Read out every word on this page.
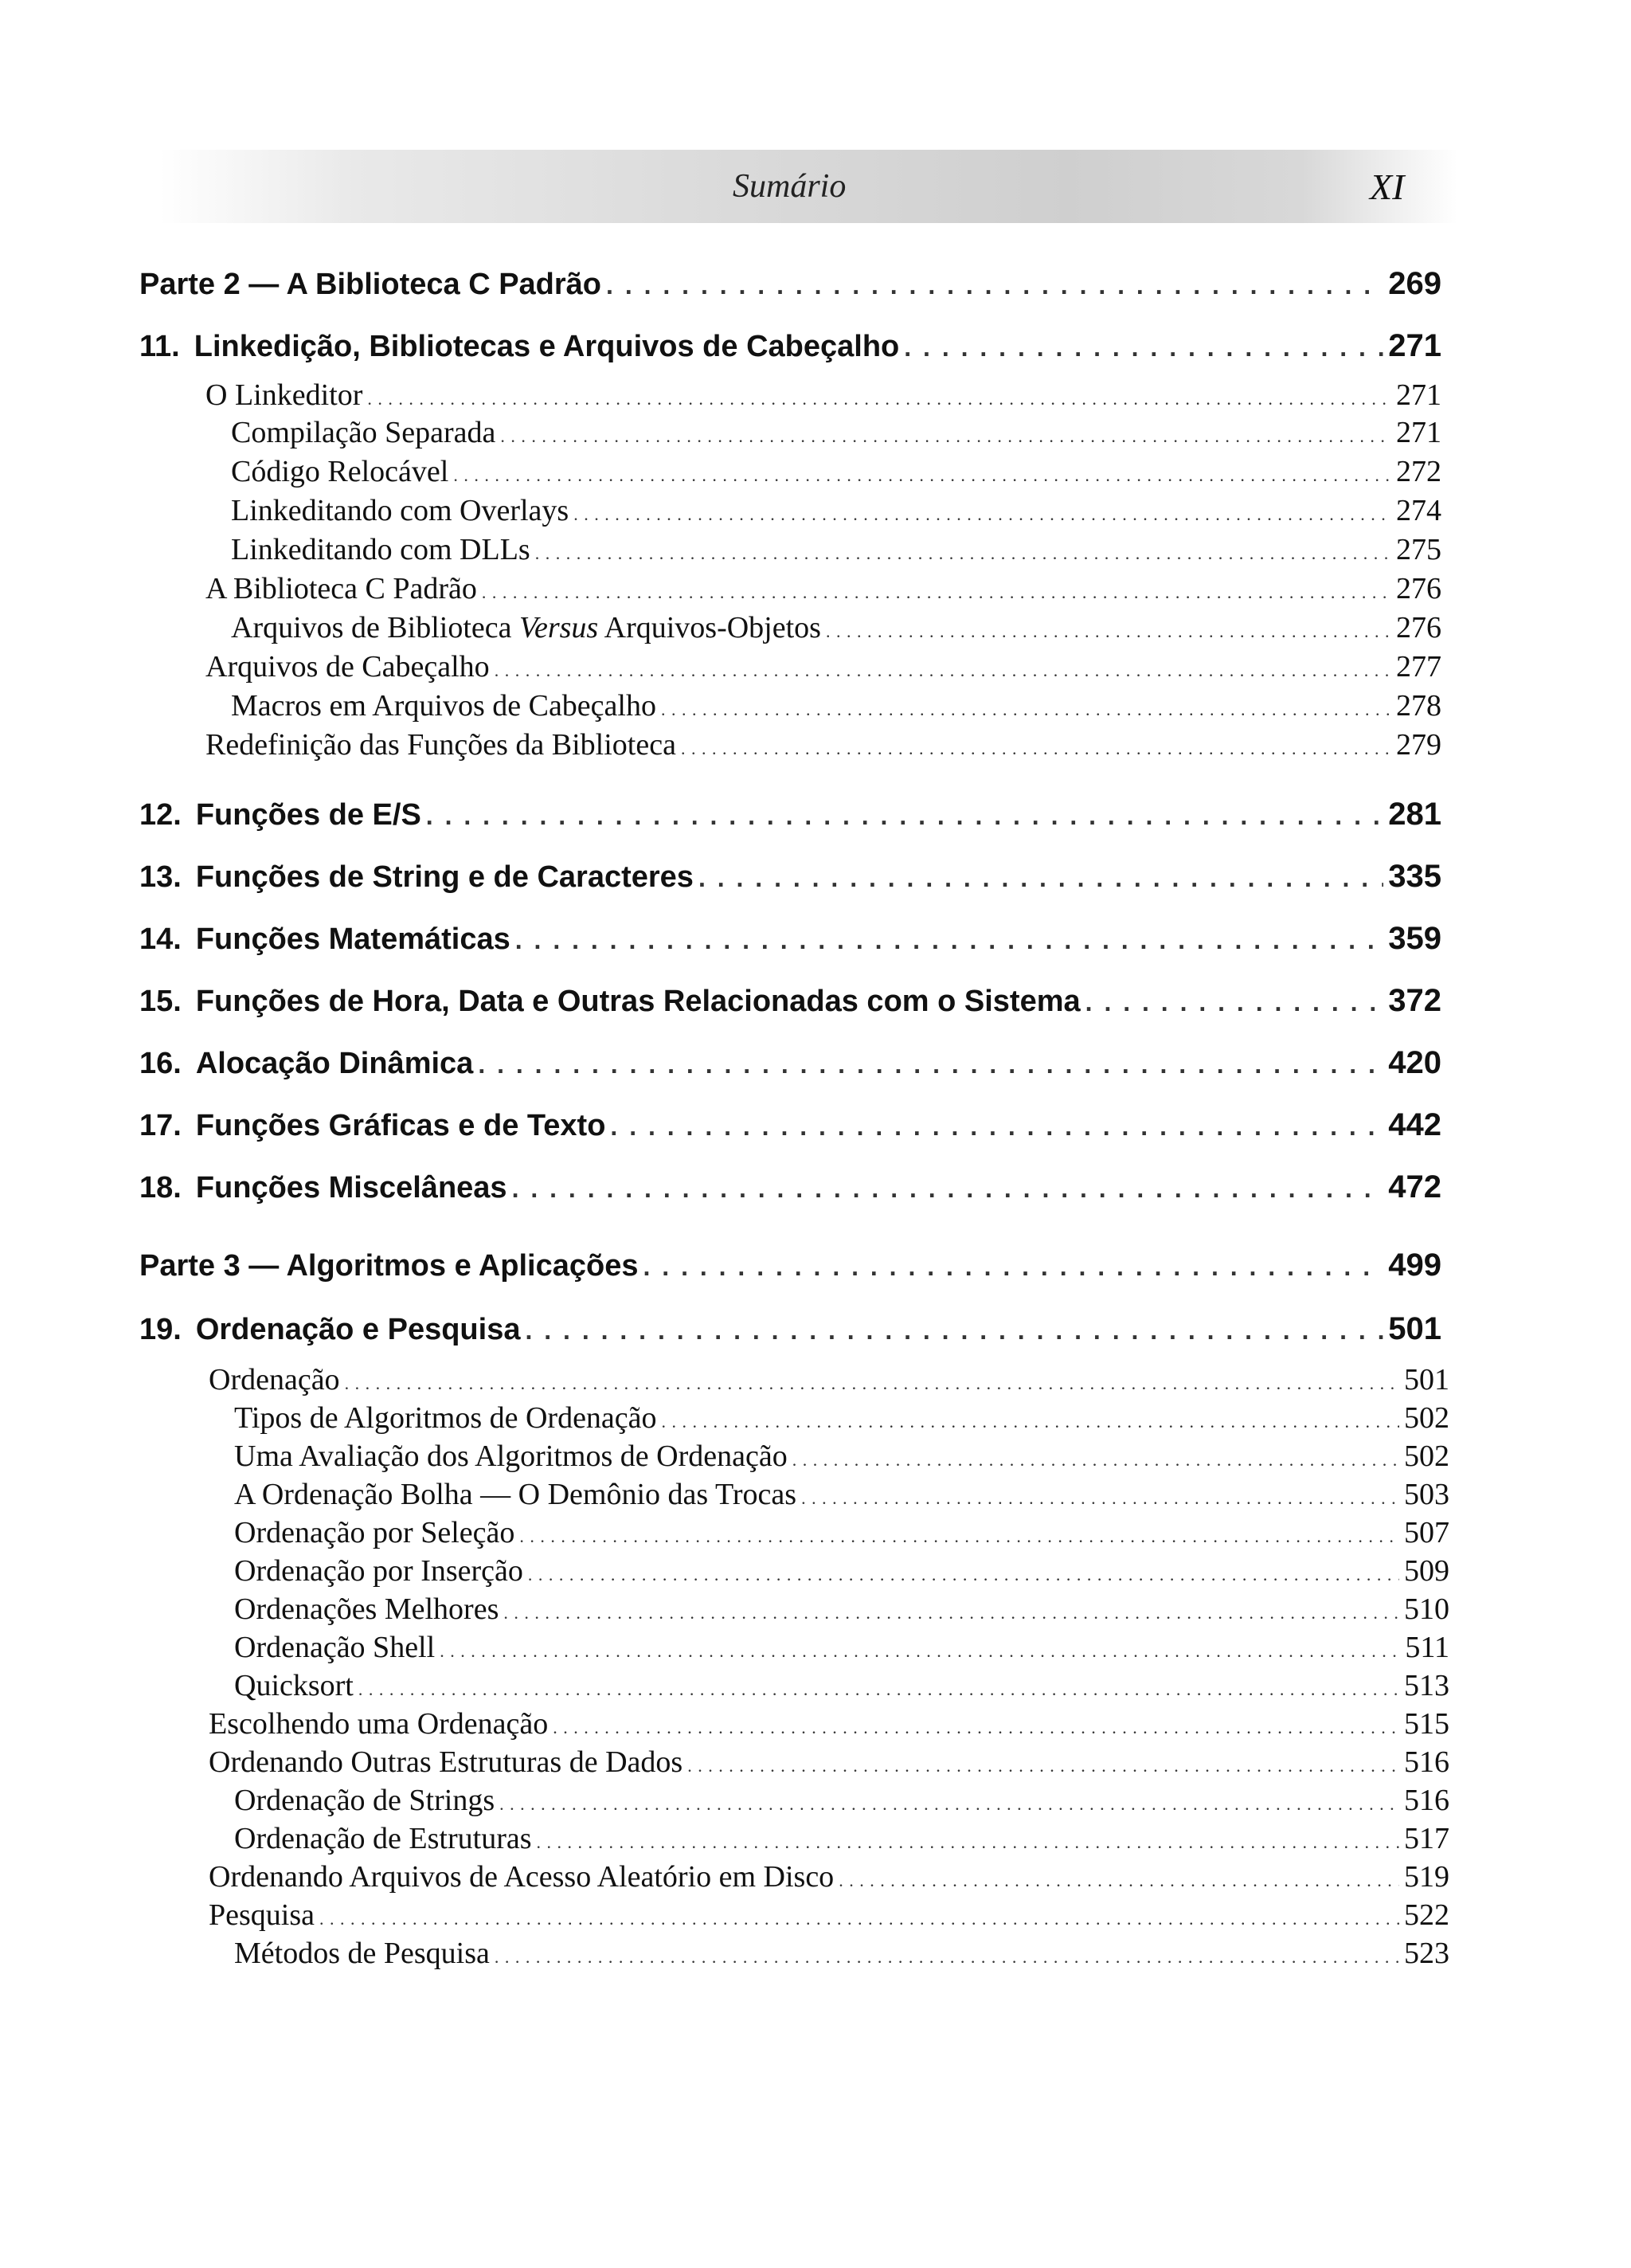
Sumário	XI
Parte 2 — A Biblioteca C Padrão . . .	269
11. Linkedição, Bibliotecas e Arquivos de Cabeçalho . . .	271
O Linkeditor . . .	271
Compilação Separada . . .	271
Código Relocável . . .	272
Linkeditando com Overlays . . .	274
Linkeditando com DLLs . . .	275
A Biblioteca C Padrão . . .	276
Arquivos de Biblioteca Versus Arquivos-Objetos . . .	276
Arquivos de Cabeçalho . . .	277
Macros em Arquivos de Cabeçalho . . .	278
Redefinição das Funções da Biblioteca . . .	279
12. Funções de E/S . . .	281
13. Funções de String e de Caracteres . . .	335
14. Funções Matemáticas . . .	359
15. Funções de Hora, Data e Outras Relacionadas com o Sistema . . .	372
16. Alocação Dinâmica . . .	420
17. Funções Gráficas e de Texto . . .	442
18. Funções Miscelâneas . . .	472
Parte 3 — Algoritmos e Aplicações . . .	499
19. Ordenação e Pesquisa . . .	501
Ordenação . . .	501
Tipos de Algoritmos de Ordenação . . .	502
Uma Avaliação dos Algoritmos de Ordenação . . .	502
A Ordenação Bolha — O Demônio das Trocas . . .	503
Ordenação por Seleção . . .	507
Ordenação por Inserção . . .	509
Ordenações Melhores . . .	510
Ordenação Shell . . .	511
Quicksort . . .	513
Escolhendo uma Ordenação . . .	515
Ordenando Outras Estruturas de Dados . . .	516
Ordenação de Strings . . .	516
Ordenação de Estruturas . . .	517
Ordenando Arquivos de Acesso Aleatório em Disco . . .	519
Pesquisa . . .	522
Métodos de Pesquisa . . .	523
